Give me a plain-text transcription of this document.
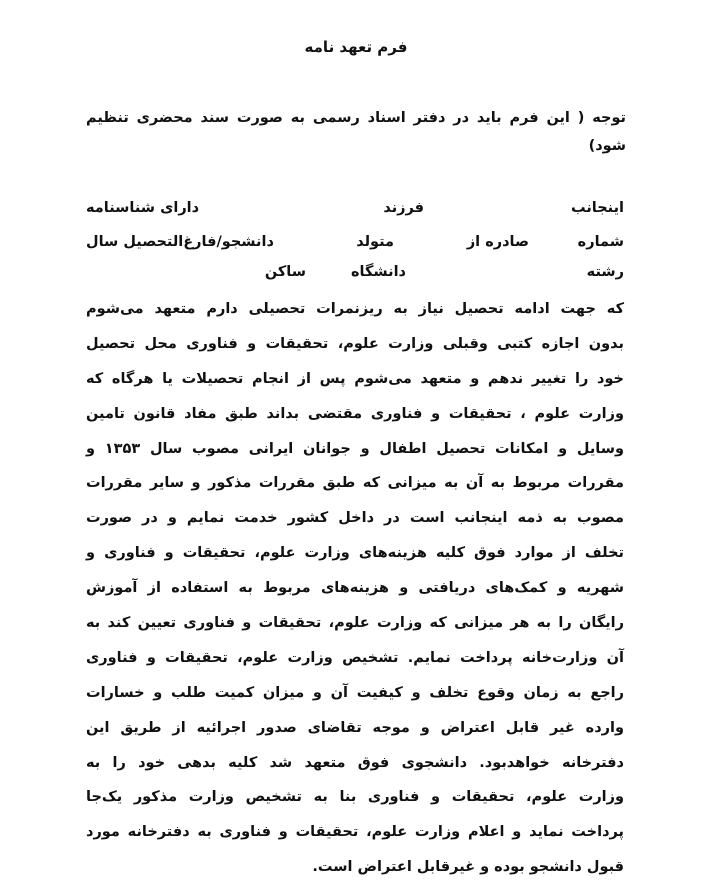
فرم تعهد نامه
توجه ( این فرم باید در دفتر اسناد رسمی به صورت سند محضری تنظیم شود)
اینجانب
فرزند
دارای شناسنامه
شماره
صادره از
متولد
دانشجو/فارغ‌التحصیل سال
رشته
دانشگاه
ساکن
که جهت ادامه تحصیل نیاز به ریزنمرات تحصیلی دارم متعهد می‌شوم
بدون اجازه کتبی وقبلی وزارت علوم، تحقیقات و فناوری محل تحصیل
خود را تغییر ندهم و متعهد می‌شوم پس از انجام تحصیلات یا هرگاه که
وزارت علوم ، تحقیقات و فناوری مقتضی بداند طبق مفاد قانون تامین
وسایل و امکانات تحصیل اطفال و جوانان ایرانی مصوب سال ۱۳۵۳ و
مقررات مربوط به آن به میزانی که طبق مقررات مذکور و سایر مقررات
مصوب به ذمه اینجانب است در داخل کشور خدمت نمایم و در صورت
تخلف از موارد فوق کلیه هزینه‌های وزارت علوم، تحقیقات و فناوری و
شهریه و کمک‌های دریافتی و هزینه‌های مربوط به استفاده از آموزش
رایگان را به هر میزانی که وزارت علوم، تحقیقات و فناوری تعیین کند به
آن وزارت‌خانه پرداخت نمایم. تشخیص وزارت علوم، تحقیقات و فناوری
راجع به زمان وقوع تخلف و کیفیت آن و میزان کمیت طلب و خسارات
وارده غیر قابل اعتراض و موجه تقاضای صدور اجرائیه از طریق این
دفترخانه خواهدبود. دانشجوی فوق متعهد شد کلیه بدهی خود را به
وزارت علوم، تحقیقات و فناوری بنا به تشخیص وزارت مذکور یک‌جا
پرداخت نماید و اعلام وزارت علوم، تحقیقات و فناوری به دفترخانه مورد
قبول دانشجو بوده و غیرقابل اعتراض است.
